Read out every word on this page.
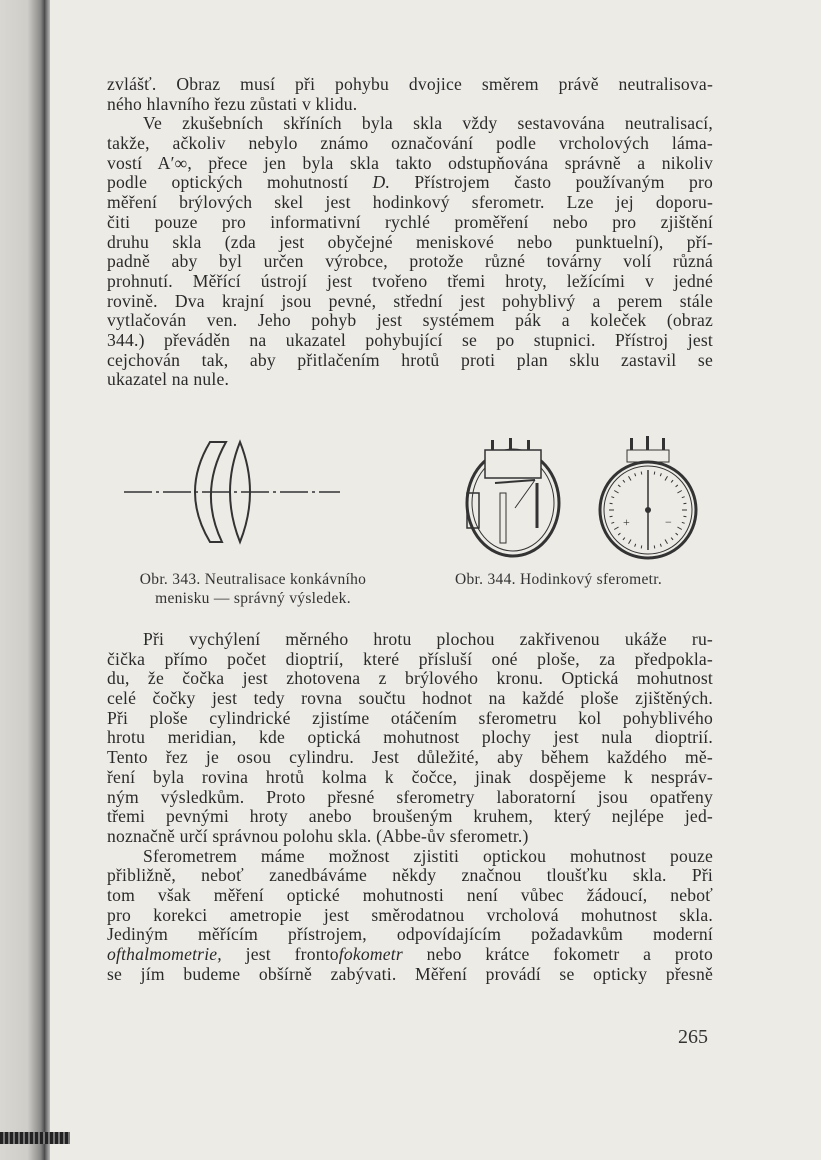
zvlášť. Obraz musí při pohybu dvojice směrem právě neutralisova-
ného hlavního řezu zůstati v klidu.
Ve zkušebních skříních byla skla vždy sestavována neutralisací,
takže, ačkoliv nebylo známo označování podle vrcholových láma-
vostí A′∞, přece jen byla skla takto odstupňována správně a nikoliv
podle optických mohutností D. Přístrojem často používaným pro
měření brýlových skel jest hodinkový sferometr. Lze jej doporu-
čiti pouze pro informativní rychlé proměření nebo pro zjištění
druhu skla (zda jest obyčejné meniskové nebo punktuelní), pří-
padně aby byl určen výrobce, protože různé továrny volí různá
prohnutí. Měřící ústrojí jest tvořeno třemi hroty, ležícími v jedné
rovině. Dva krajní jsou pevné, střední jest pohyblivý a perem stále
vytlačován ven. Jeho pohyb jest systémem pák a koleček (obraz
344.) převáděn na ukazatel pohybující se po stupnici. Přístroj jest
cejchován tak, aby přitlačením hrotů proti plan sklu zastavil se
ukazatel na nule.
+	−
Obr. 343. Neutralisace konkávního
menisku — správný výsledek.
Obr. 344. Hodinkový sferometr.
Při vychýlení měrného hrotu plochou zakřivenou ukáže ru-
čička přímo počet dioptrií, které přísluší oné ploše, za předpokla-
du, že čočka jest zhotovena z brýlového kronu. Optická mohutnost
celé čočky jest tedy rovna součtu hodnot na každé ploše zjištěných.
Při ploše cylindrické zjistíme otáčením sferometru kol pohyblivého
hrotu meridian, kde optická mohutnost plochy jest nula dioptrií.
Tento řez je osou cylindru. Jest důležité, aby během každého mě-
ření byla rovina hrotů kolma k čočce, jinak dospějeme k nespráv-
ným výsledkům. Proto přesné sferometry laboratorní jsou opatřeny
třemi pevnými hroty anebo broušeným kruhem, který nejlépe jed-
noznačně určí správnou polohu skla. (Abbe-ův sferometr.)
Sferometrem máme možnost zjistiti optickou mohutnost pouze
přibližně, neboť zanedbáváme někdy značnou tloušťku skla. Při
tom však měření optické mohutnosti není vůbec žádoucí, neboť
pro korekci ametropie jest směrodatnou vrcholová mohutnost skla.
Jediným měřícím přístrojem, odpovídajícím požadavkům moderní
ofthalmometrie, jest frontofokometr nebo krátce fokometr a proto
se jím budeme obšírně zabývati. Měření provádí se opticky přesně
265
